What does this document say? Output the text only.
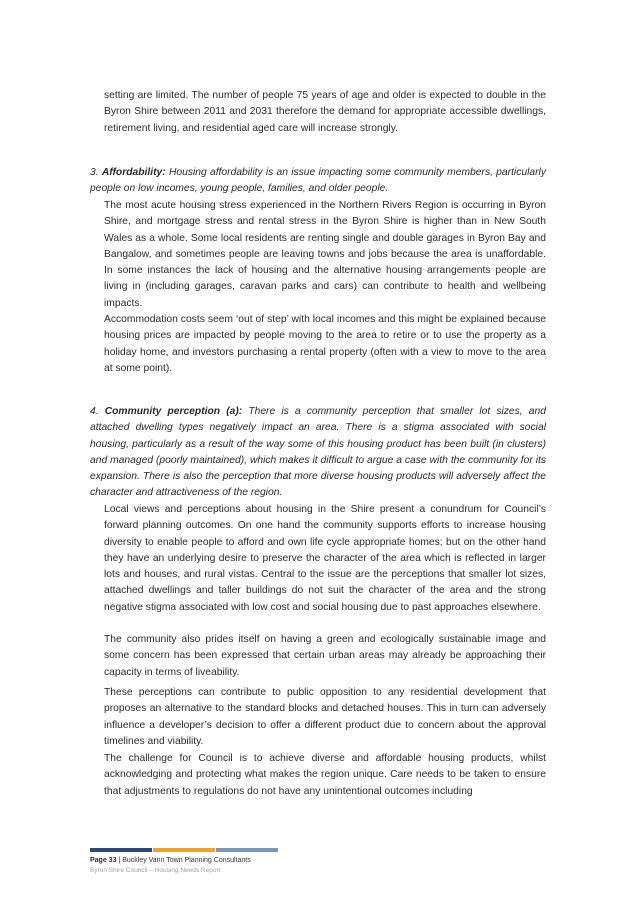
setting are limited. The number of people 75 years of age and older is expected to double in the Byron Shire between 2011 and 2031 therefore the demand for appropriate accessible dwellings, retirement living, and residential aged care will increase strongly.

3. Affordability: Housing affordability is an issue impacting some community members, particularly people on low incomes, young people, families, and older people.

The most acute housing stress experienced in the Northern Rivers Region is occurring in Byron Shire, and mortgage stress and rental stress in the Byron Shire is higher than in New South Wales as a whole. Some local residents are renting single and double garages in Byron Bay and Bangalow, and sometimes people are leaving towns and jobs because the area is unaffordable. In some instances the lack of housing and the alternative housing arrangements people are living in (including garages, caravan parks and cars) can contribute to health and wellbeing impacts.

Accommodation costs seem ‘out of step’ with local incomes and this might be explained because housing prices are impacted by people moving to the area to retire or to use the property as a holiday home, and investors purchasing a rental property (often with a view to move to the area at some point).

4. Community perception (a): There is a community perception that smaller lot sizes, and attached dwelling types negatively impact an area. There is a stigma associated with social housing, particularly as a result of the way some of this housing product has been built (in clusters) and managed (poorly maintained), which makes it difficult to argue a case with the community for its expansion. There is also the perception that more diverse housing products will adversely affect the character and attractiveness of the region.

Local views and perceptions about housing in the Shire present a conundrum for Council’s forward planning outcomes. On one hand the community supports efforts to increase housing diversity to enable people to afford and own life cycle appropriate homes; but on the other hand they have an underlying desire to preserve the character of the area which is reflected in larger lots and houses, and rural vistas. Central to the issue are the perceptions that smaller lot sizes, attached dwellings and taller buildings do not suit the character of the area and the strong negative stigma associated with low cost and social housing due to past approaches elsewhere.

The community also prides itself on having a green and ecologically sustainable image and some concern has been expressed that certain urban areas may already be approaching their capacity in terms of liveability.

These perceptions can contribute to public opposition to any residential development that proposes an alternative to the standard blocks and detached houses. This in turn can adversely influence a developer’s decision to offer a different product due to concern about the approval timelines and viability.

The challenge for Council is to achieve diverse and affordable housing products, whilst acknowledging and protecting what makes the region unique. Care needs to be taken to ensure that adjustments to regulations do not have any unintentional outcomes including

Page 33 | Buckley Vann Town Planning Consultants

Byron Shire Council – Housing Needs Report
